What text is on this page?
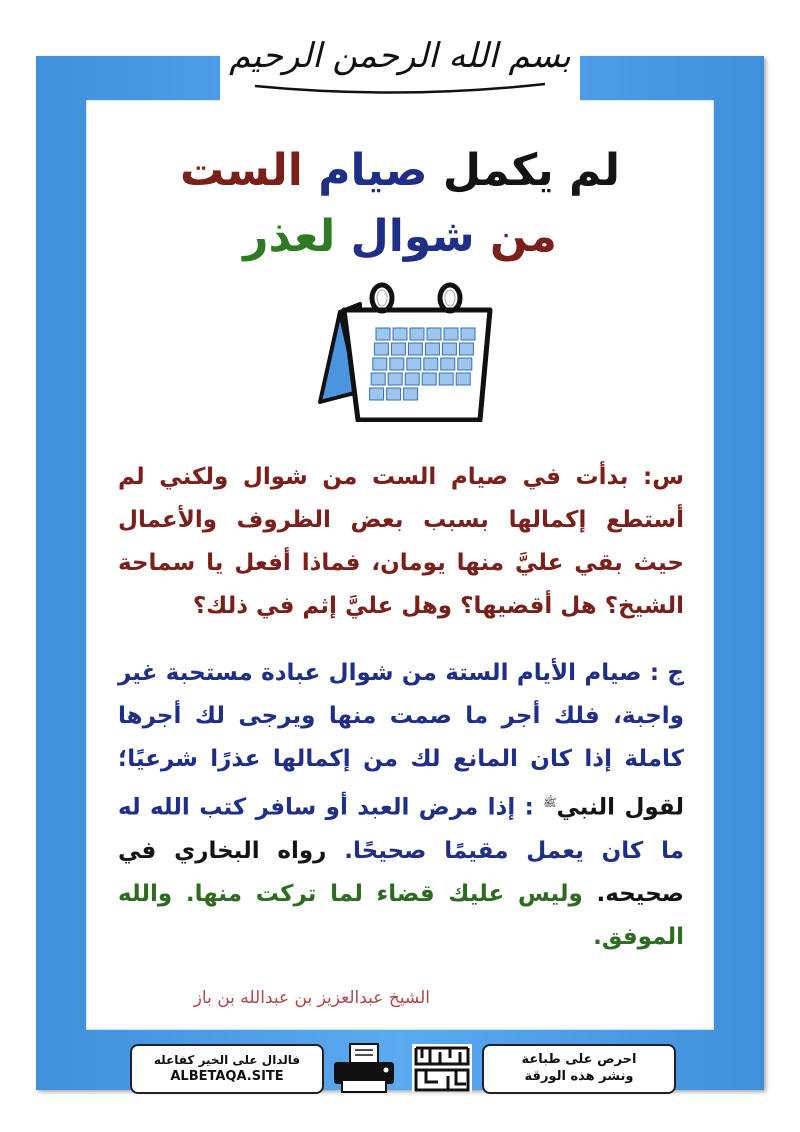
بسم الله الرحمن الرحيم
لم يكمل صيام الست
من شوال لعذر
س: بدأت في صيام الست من شوال ولكني لم أستطع إكمالها بسبب بعض الظروف والأعمال حيث بقي عليَّ منها يومان، فماذا أفعل يا سماحة الشيخ؟ هل أقضيها؟ وهل عليَّ إثم في ذلك؟
ج : صيام الأيام الستة من شوال عبادة مستحبة غير واجبة، فلك أجر ما صمت منها ويرجى لك أجرها كاملة إذا كان المانع لك من إكمالها عذرًا شرعيًا؛ لقول النبي$^ﷺ$ : إذا مرض العبد أو سافر كتب الله له ما كان يعمل مقيمًا صحيحًا. رواه البخاري في صحيحه. وليس عليك قضاء لما تركت منها. والله الموفق.
الشيخ عبدالعزيز بن عبدالله بن باز
فالدال على الخير كفاعله
ALBETAQA.SITE
احرص على طباعة
ونشر هذه الورقة
